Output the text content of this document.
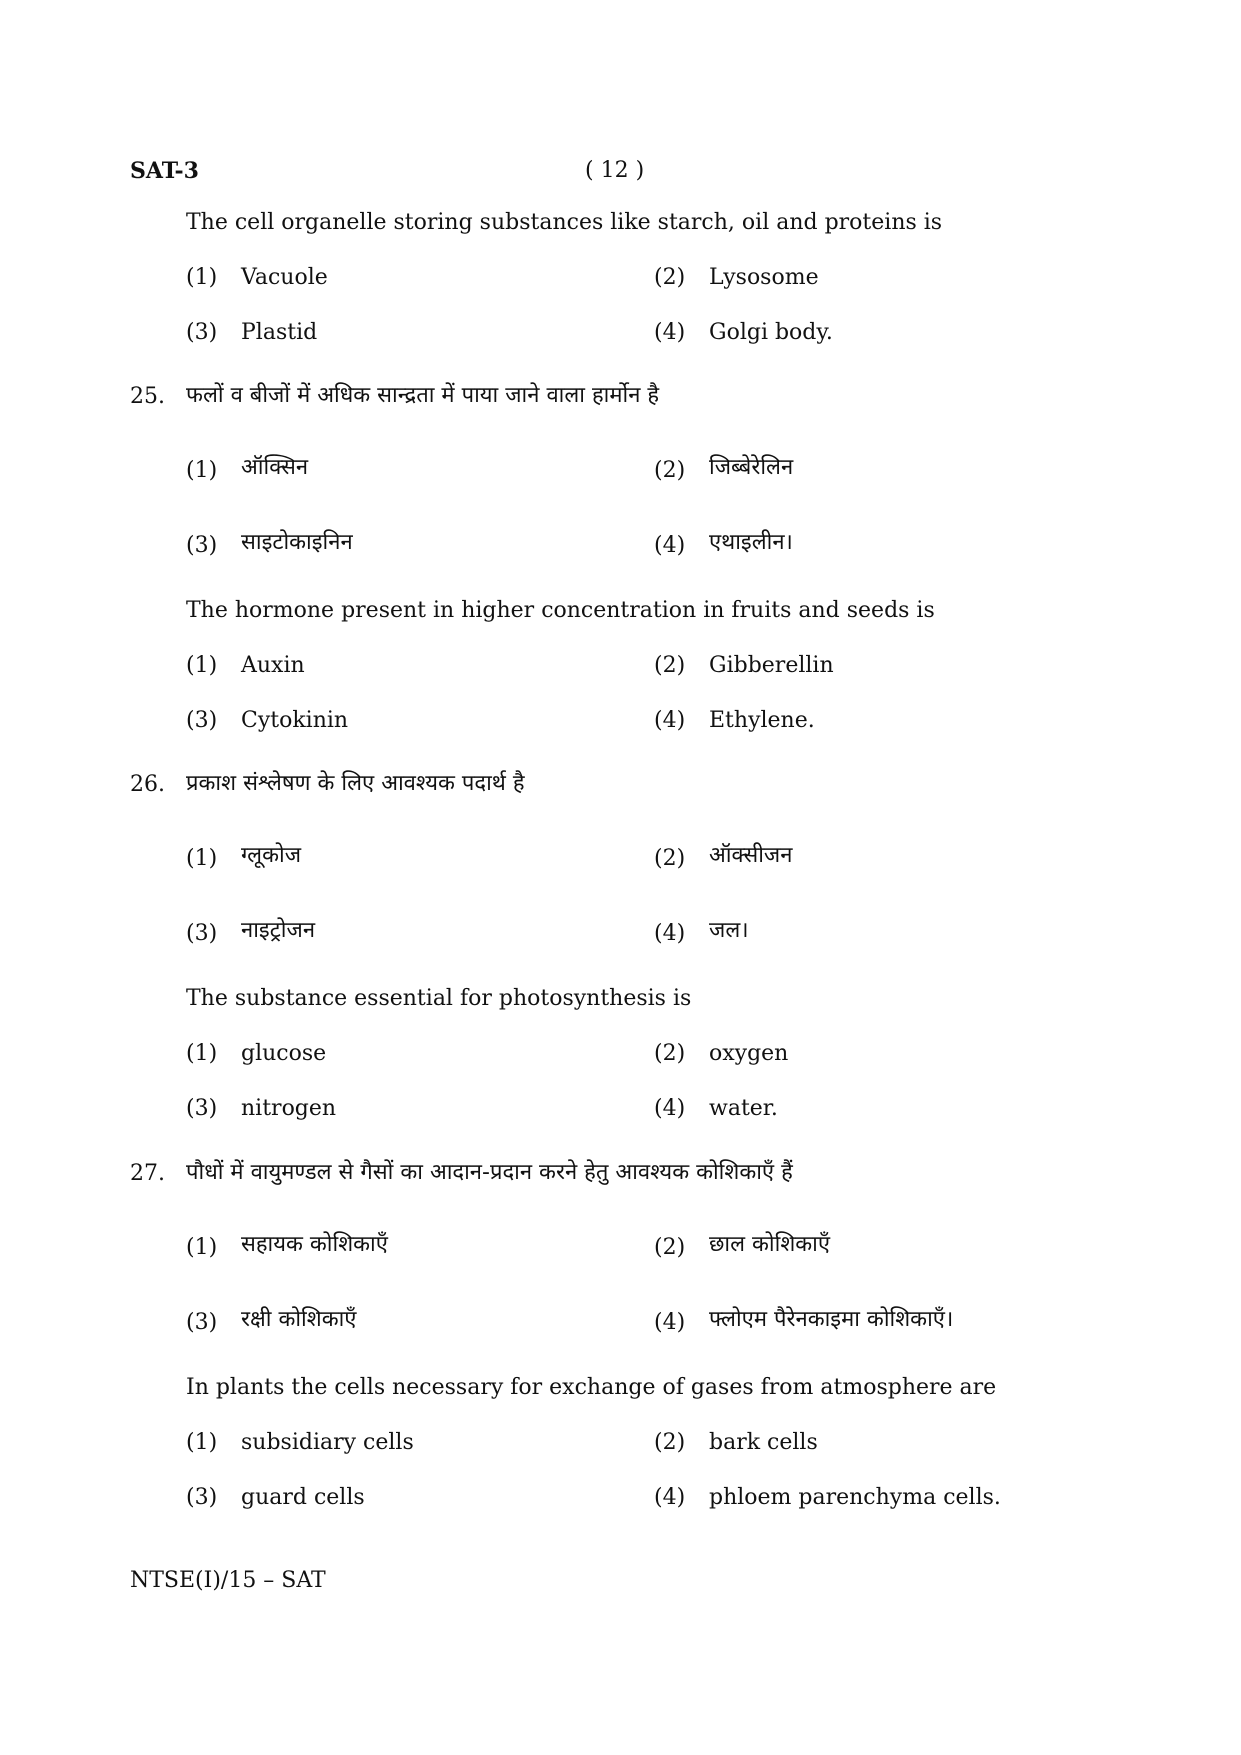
SAT-3	( 12 )
The cell organelle storing substances like starch, oil and proteins is
(1) Vacuole	(2) Lysosome
(3) Plastid	(4) Golgi body.
25. फलों व बीजों में अधिक सान्द्रता में पाया जाने वाला हार्मोन है
(1) ऑक्सिन	(2) जिब्बेरेलिन
(3) साइटोकाइनिन	(4) एथाइलीन।
The hormone present in higher concentration in fruits and seeds is
(1) Auxin	(2) Gibberellin
(3) Cytokinin	(4) Ethylene.
26. प्रकाश संश्लेषण के लिए आवश्यक पदार्थ है
(1) ग्लूकोज	(2) ऑक्सीजन
(3) नाइट्रोजन	(4) जल।
The substance essential for photosynthesis is
(1) glucose	(2) oxygen
(3) nitrogen	(4) water.
27. पौधों में वायुमण्डल से गैसों का आदान-प्रदान करने हेतु आवश्यक कोशिकाएँ हैं
(1) सहायक कोशिकाएँ	(2) छाल कोशिकाएँ
(3) रक्षी कोशिकाएँ	(4) फ्लोएम पैरेनकाइमा कोशिकाएँ।
In plants the cells necessary for exchange of gases from atmosphere are
(1) subsidiary cells	(2) bark cells
(3) guard cells	(4) phloem parenchyma cells.
NTSE(I)/15 – SAT
